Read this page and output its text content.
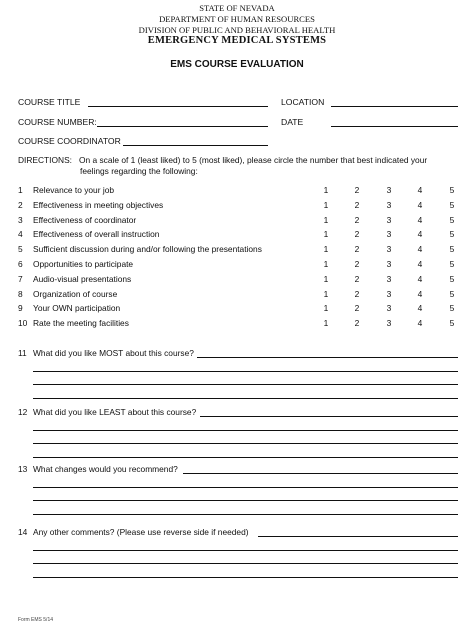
STATE OF NEVADA
DEPARTMENT OF HUMAN RESOURCES
DIVISION OF PUBLIC AND BEHAVIORAL HEALTH
EMERGENCY MEDICAL SYSTEMS
EMS COURSE EVALUATION
COURSE TITLE	LOCATION
COURSE NUMBER:	DATE
COURSE COORDINATOR
DIRECTIONS: On a scale of 1 (least liked) to 5 (most liked), please circle the number that best indicated your
feelings regarding the following:
1 Relevance to your job	1	2	3	4	5
2 Effectiveness in meeting objectives	1	2	3	4	5
3 Effectiveness of coordinator	1	2	3	4	5
4 Effectiveness of overall instruction	1	2	3	4	5
5 Sufficient discussion during and/or following the presentations	1	2	3	4	5
6 Opportunities to participate	1	2	3	4	5
7 Audio-visual presentations	1	2	3	4	5
8 Organization of course	1	2	3	4	5
9 Your OWN participation	1	2	3	4	5
10 Rate the meeting facilities	1	2	3	4	5
11 What did you like MOST about this course?
12 What did you like LEAST about this course?
13 What changes would you recommend?
14 Any other comments? (Please use reverse side if needed)
Form EMS 5/14
